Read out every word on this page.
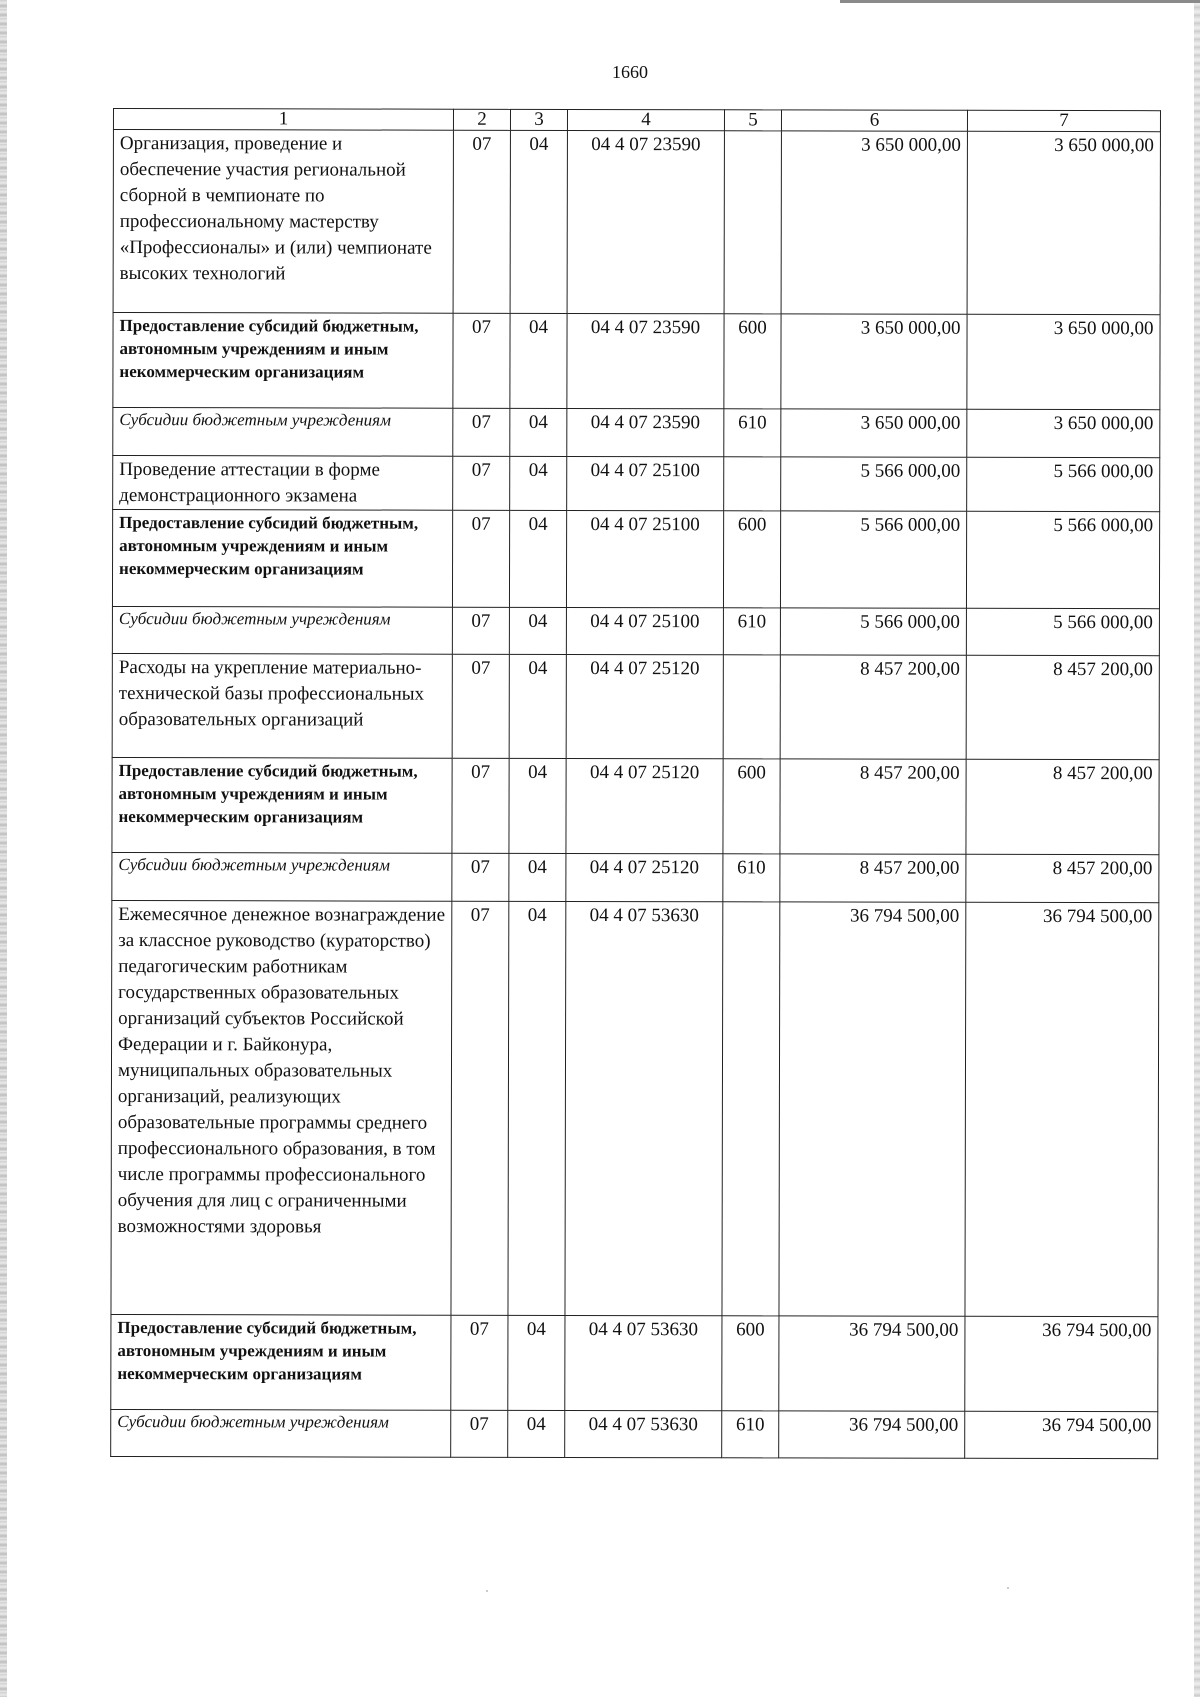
1660
1	2	3	4	5	6	7
Организация, проведение и обеспечение участия региональной сборной в чемпионате по профессиональному мастерству «Профессионалы» и (или) чемпионате высоких технологий	07	04	04 4 07 23590		3 650 000,00	3 650 000,00
Предоставление субсидий бюджетным, автономным учреждениям и иным некоммерческим организациям	07	04	04 4 07 23590	600	3 650 000,00	3 650 000,00
Субсидии бюджетным учреждениям	07	04	04 4 07 23590	610	3 650 000,00	3 650 000,00
Проведение аттестации в форме демонстрационного экзамена	07	04	04 4 07 25100		5 566 000,00	5 566 000,00
Предоставление субсидий бюджетным, автономным учреждениям и иным некоммерческим организациям	07	04	04 4 07 25100	600	5 566 000,00	5 566 000,00
Субсидии бюджетным учреждениям	07	04	04 4 07 25100	610	5 566 000,00	5 566 000,00
Расходы на укрепление материально-технической базы профессиональных образовательных организаций	07	04	04 4 07 25120		8 457 200,00	8 457 200,00
Предоставление субсидий бюджетным, автономным учреждениям и иным некоммерческим организациям	07	04	04 4 07 25120	600	8 457 200,00	8 457 200,00
Субсидии бюджетным учреждениям	07	04	04 4 07 25120	610	8 457 200,00	8 457 200,00
Ежемесячное денежное вознаграждение за классное руководство (кураторство) педагогическим работникам государственных образовательных организаций субъектов Российской Федерации и г. Байконура, муниципальных образовательных организаций, реализующих образовательные программы среднего профессионального образования, в том числе программы профессионального обучения для лиц с ограниченными возможностями здоровья	07	04	04 4 07 53630		36 794 500,00	36 794 500,00
Предоставление субсидий бюджетным, автономным учреждениям и иным некоммерческим организациям	07	04	04 4 07 53630	600	36 794 500,00	36 794 500,00
Субсидии бюджетным учреждениям	07	04	04 4 07 53630	610	36 794 500,00	36 794 500,00
